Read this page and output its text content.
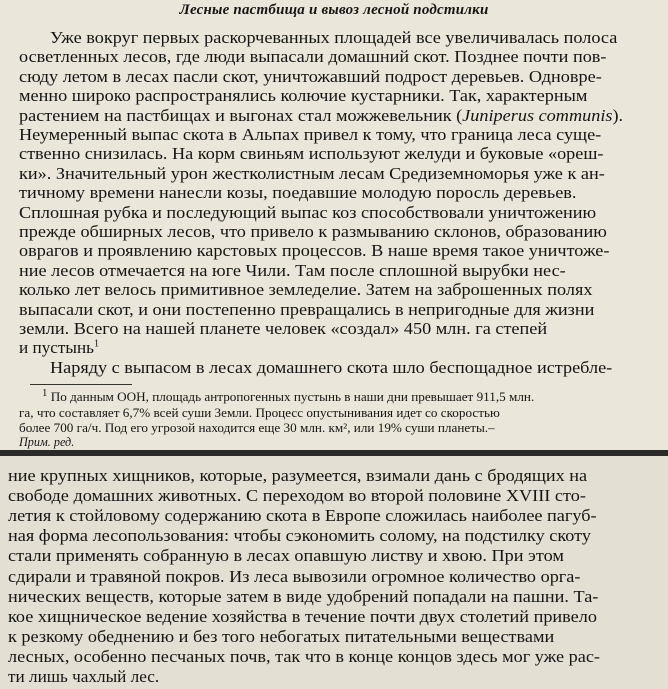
Лесные пастбища и вывоз лесной подстилки
Уже вокруг первых раскорчеванных площадей все увеличивалась полоса
осветленных лесов, где люди выпасали домашний скот. Позднее почти пов-
сюду летом в лесах пасли скот, уничтожавший подрост деревьев. Одновре-
менно широко распространялись колючие кустарники. Так, характерным
растением на пастбищах и выгонах стал можжевельник (Juniperus communis).
Неумеренный выпас скота в Альпах привел к тому, что граница леса суще-
ственно снизилась. На корм свиньям используют желуди и буковые «орeш-
ки». Значительный урон жестколистным лесам Средиземноморья уже к ан-
тичному времени нанесли козы, поедавшие молодую поросль деревьев.
Сплошная рубка и последующий выпас коз способствовали уничтожению
прежде обширных лесов, что привело к размыванию склонов, образованию
оврагов и проявлению карстовых процессов. В наше время такое уничтоже-
ние лесов отмечается на юге Чили. Там после сплошной вырубки нес-
колько лет велось примитивное земледелие. Затем на заброшенных полях
выпасали скот, и они постепенно превращались в непригодные для жизни
земли. Всего на нашей планете человек «создал» 450 млн. га степей
и пустынь$^1$
Наряду с выпасом в лесах домашнего скота шло беспощадное истребле-
$^1$ По данным ООН, площадь антропогенных пустынь в наши дни превышает 911,5 млн.
га, что составляет 6,7% всей суши Земли. Процесс опустынивания идет со скоростью
более 700 га/ч. Под его угрозой находится еще 30 млн. км², или 19% суши планеты.–
Прим. ред.
ние крупных хищников, которые, разумеется, взимали дань с бродящих на
свободе домашних животных. С переходом во второй половине XVIII сто-
летия к стойловому содержанию скота в Европе сложилась наиболее пагуб-
ная форма лесопользования: чтобы сэкономить солому, на подстилку скоту
стали применять собранную в лесах опавшую листву и хвою. При этом
сдирали и травяной покров. Из леса вывозили огромное количество орга-
нических веществ, которые затем в виде удобрений попадали на пашни. Та-
кое хищническое ведение хозяйства в течение почти двух столетий привело
к резкому обеднению и без того небогатых питательными веществами
лесных, особенно песчаных почв, так что в конце концов здесь мог уже рас-
ти лишь чахлый лес.
